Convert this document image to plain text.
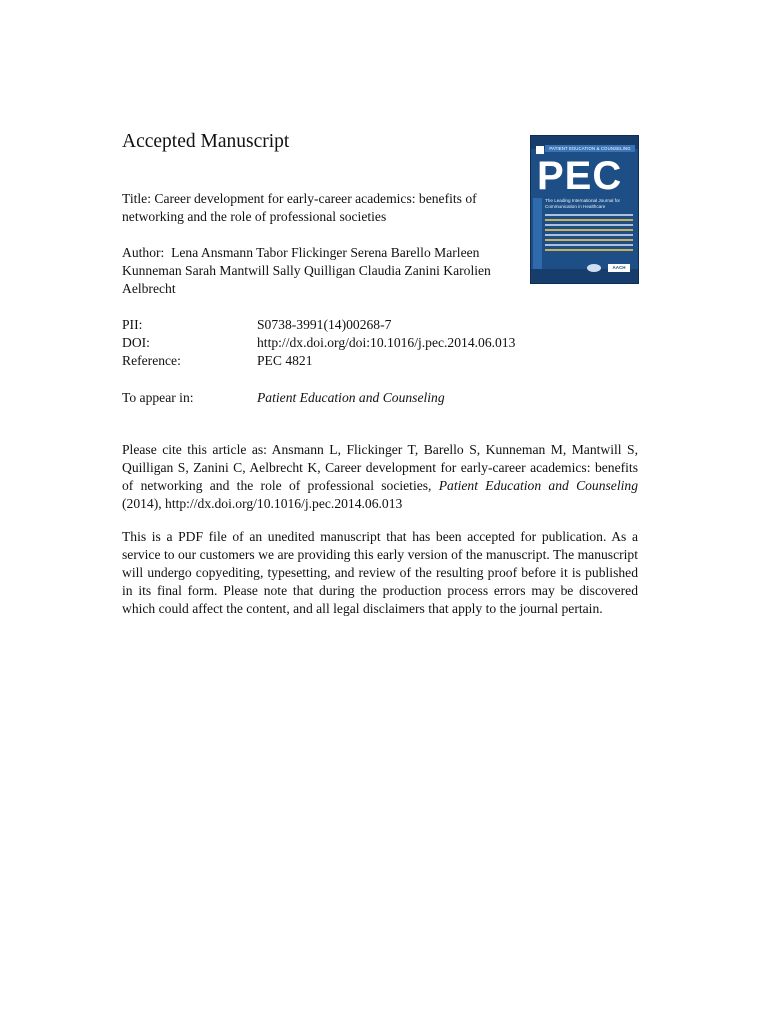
Accepted Manuscript
Title: Career development for early-career academics: benefits of networking and the role of professional societies
Author: Lena Ansmann Tabor Flickinger Serena Barello Marleen Kunneman Sarah Mantwill Sally Quilligan Claudia Zanini Karolien Aelbrecht
PII:	S0738-3991(14)00268-7
DOI:	http://dx.doi.org/doi:10.1016/j.pec.2014.06.013
Reference:	PEC 4821
To appear in:	Patient Education and Counseling
Please cite this article as: Ansmann L, Flickinger T, Barello S, Kunneman M, Mantwill S, Quilligan S, Zanini C, Aelbrecht K, Career development for early-career academics: benefits of networking and the role of professional societies, Patient Education and Counseling (2014), http://dx.doi.org/10.1016/j.pec.2014.06.013
This is a PDF file of an unedited manuscript that has been accepted for publication. As a service to our customers we are providing this early version of the manuscript. The manuscript will undergo copyediting, typesetting, and review of the resulting proof before it is published in its final form. Please note that during the production process errors may be discovered which could affect the content, and all legal disclaimers that apply to the journal pertain.
PATIENT EDUCATION & COUNSELING
PEC
The Leading International Journal for Communication in Healthcare
AACH
